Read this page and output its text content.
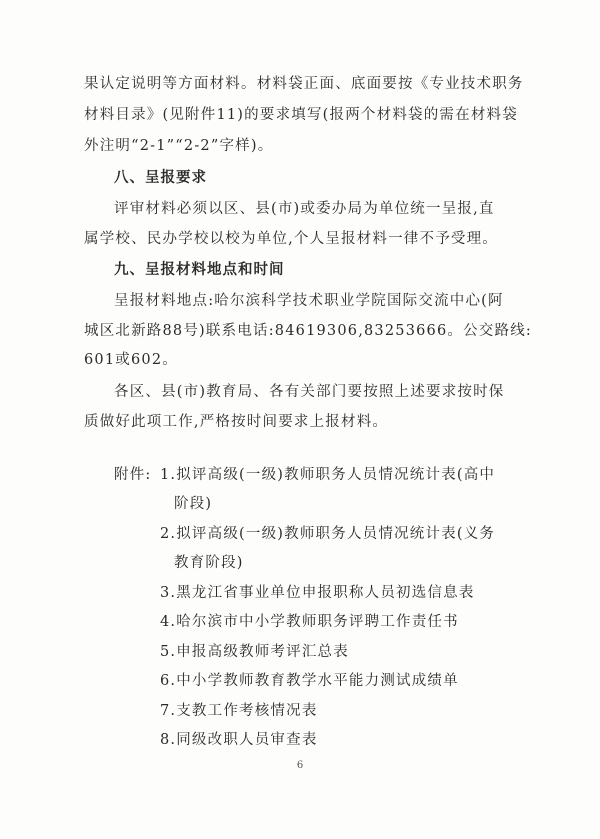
果认定说明等方面材料。材料袋正面、底面要按《专业技术职务
材料目录》(见附件11)的要求填写(报两个材料袋的需在材料袋
外注明“2-1”“2-2”字样)。
八、呈报要求
评审材料必须以区、县(市)或委办局为单位统一呈报,直
属学校、民办学校以校为单位,个人呈报材料一律不予受理。
九、呈报材料地点和时间
呈报材料地点:哈尔滨科学技术职业学院国际交流中心(阿
城区北新路88号)联系电话:84619306,83253666。公交路线:
601或602。
各区、县(市)教育局、各有关部门要按照上述要求按时保
质做好此项工作,严格按时间要求上报材料。
附件: 1.拟评高级(一级)教师职务人员情况统计表(高中
阶段)
2.拟评高级(一级)教师职务人员情况统计表(义务
教育阶段)
3.黑龙江省事业单位申报职称人员初选信息表
4.哈尔滨市中小学教师职务评聘工作责任书
5.申报高级教师考评汇总表
6.中小学教师教育教学水平能力测试成绩单
7.支教工作考核情况表
8.同级改职人员审查表
6
